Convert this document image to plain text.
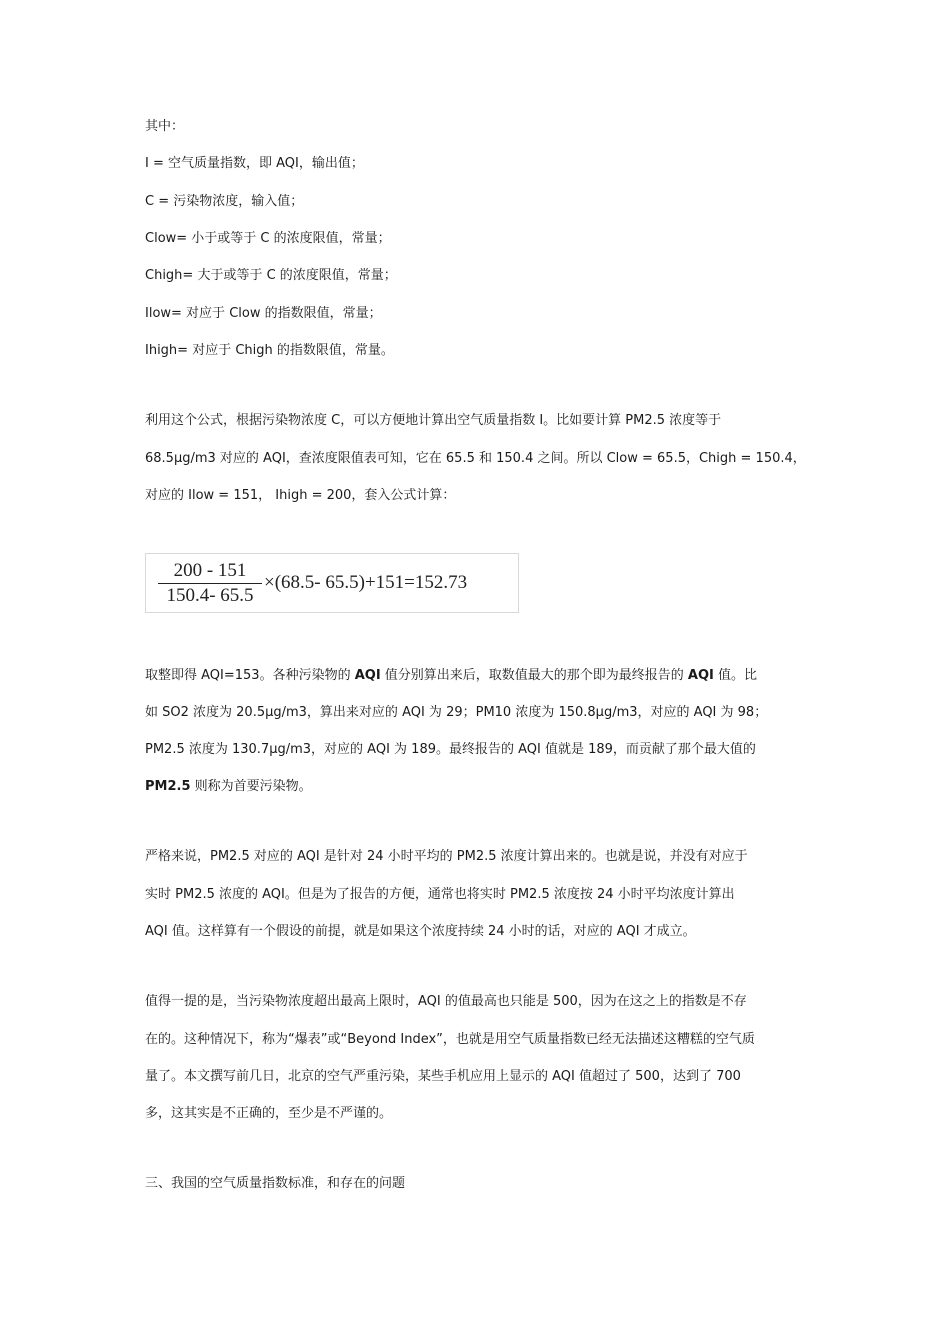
其中：
I = 空气质量指数，即 AQI，输出值；
C = 污染物浓度，输入值；
Clow= 小于或等于 C 的浓度限值，常量；
Chigh= 大于或等于 C 的浓度限值，常量；
Ilow= 对应于 Clow 的指数限值，常量；
Ihigh= 对应于 Chigh 的指数限值，常量。
利用这个公式，根据污染物浓度 C，可以方便地计算出空气质量指数 I。比如要计算 PM2.5 浓度等于
68.5μg/m3 对应的 AQI，查浓度限值表可知，它在 65.5 和 150.4 之间。所以 Clow = 65.5，Chigh = 150.4，
对应的 Ilow = 151， Ihigh = 200，套入公式计算：
200 - 151
150.4- 65.5
×(68.5- 65.5)+151=152.73
取整即得 AQI=153。各种污染物的 AQI 值分别算出来后，取数值最大的那个即为最终报告的 AQI 值。比
如 SO2 浓度为 20.5μg/m3，算出来对应的 AQI 为 29；PM10 浓度为 150.8μg/m3，对应的 AQI 为 98；
PM2.5 浓度为 130.7μg/m3，对应的 AQI 为 189。最终报告的 AQI 值就是 189，而贡献了那个最大值的
PM2.5 则称为首要污染物。
严格来说，PM2.5 对应的 AQI 是针对 24 小时平均的 PM2.5 浓度计算出来的。也就是说，并没有对应于
实时 PM2.5 浓度的 AQI。但是为了报告的方便，通常也将实时 PM2.5 浓度按 24 小时平均浓度计算出
AQI 值。这样算有一个假设的前提，就是如果这个浓度持续 24 小时的话，对应的 AQI 才成立。
值得一提的是，当污染物浓度超出最高上限时，AQI 的值最高也只能是 500，因为在这之上的指数是不存
在的。这种情况下，称为“爆表”或“Beyond Index”，也就是用空气质量指数已经无法描述这糟糕的空气质
量了。本文撰写前几日，北京的空气严重污染，某些手机应用上显示的 AQI 值超过了 500，达到了 700
多，这其实是不正确的，至少是不严谨的。
三、我国的空气质量指数标准，和存在的问题
